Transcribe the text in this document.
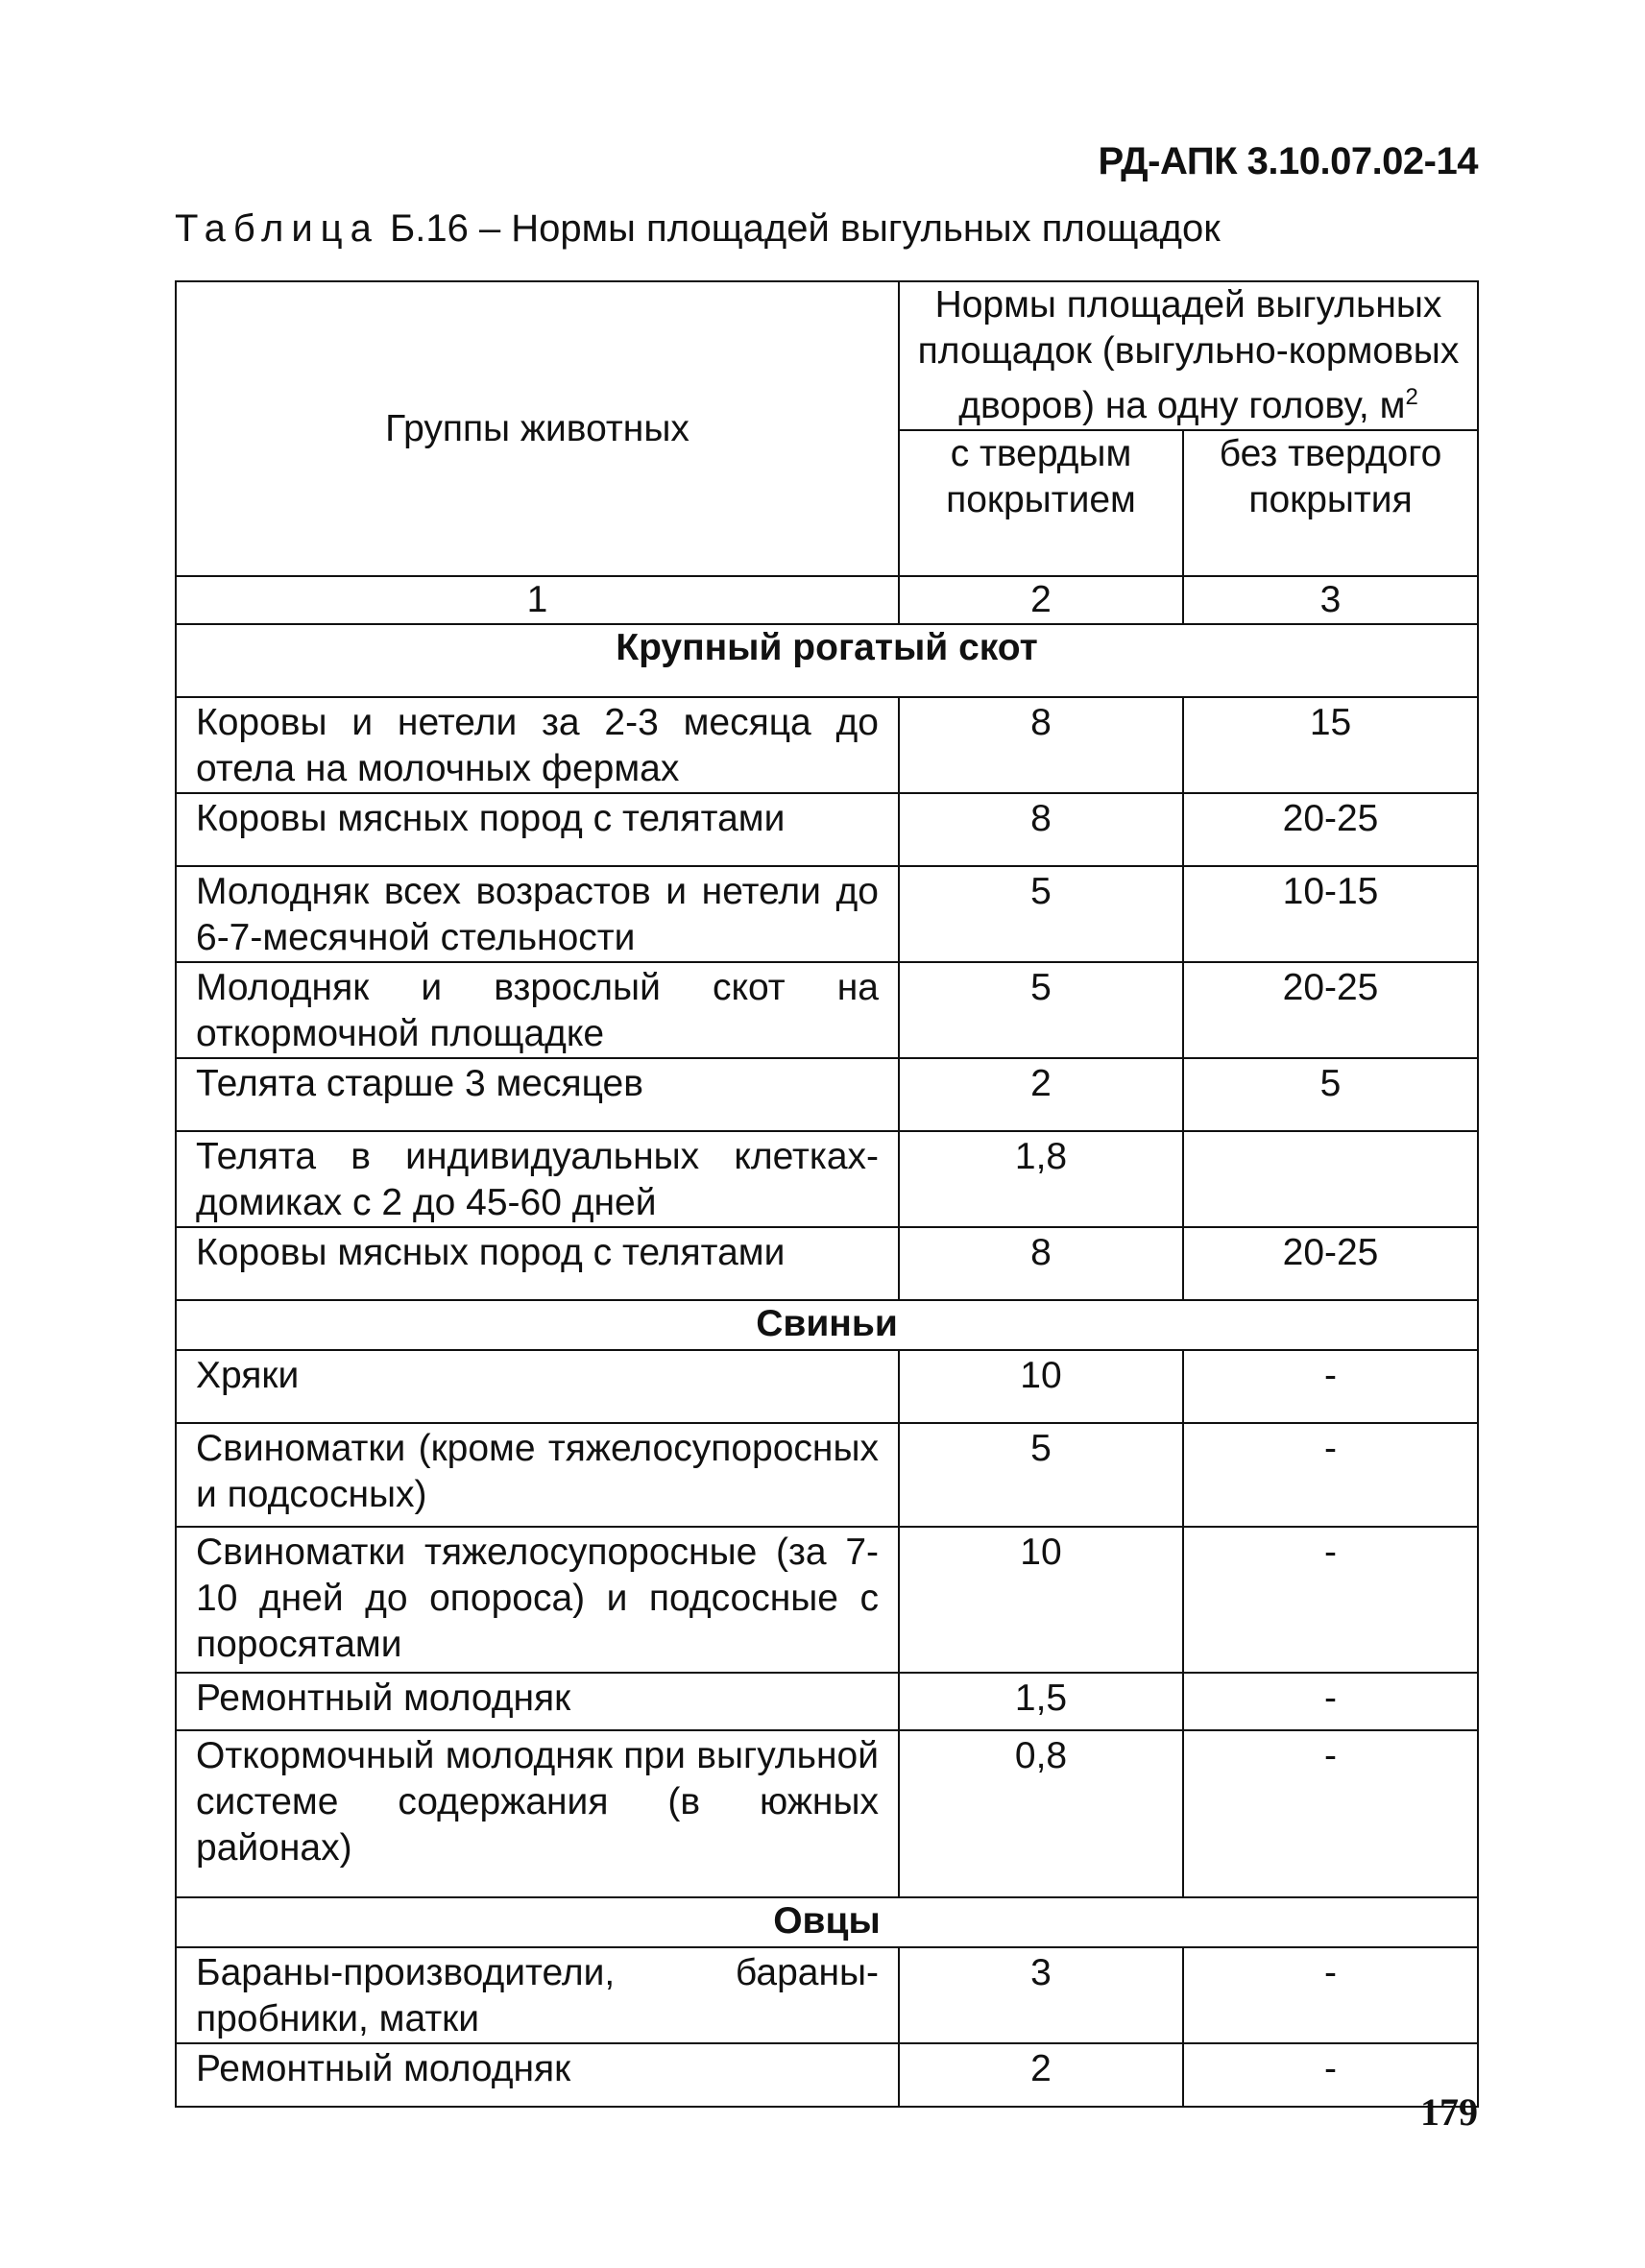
РД-АПК 3.10.07.02-14
Таблица Б.16 – Нормы площадей выгульных площадок
Группы животных	Нормы площадей выгульных площадок (выгульно-кормовых дворов) на одну голову, $м^2$
	с твердым покрытием	без твердого покрытия
1	2	3
Крупный рогатый скот		
Коровы и нетели за 2-3 месяца до отела на молочных фермах	8	15
Коровы мясных пород с телятами	8	20-25
Молодняк всех возрастов и нетели до 6-7-месячной стельности	5	10-15
Молодняк и взрослый скот на откормочной площадке	5	20-25
Телята старше 3 месяцев	2	5
Телята в индивидуальных клетках-домиках с 2 до 45-60 дней	1,8	
Коровы мясных пород с телятами	8	20-25
Свиньи		
Хряки	10	-
Свиноматки (кроме тяжелосупоросных и подсосных)	5	-
Свиноматки тяжелосупоросные (за 7-10 дней до опороса) и подсосные с поросятами	10	-
Ремонтный молодняк	1,5	-
Откормочный молодняк при выгульной системе содержания (в южных районах)	0,8	-
Овцы		
Бараны-производители, бараны-пробники, матки	3	-
Ремонтный молодняк	2	-
179
